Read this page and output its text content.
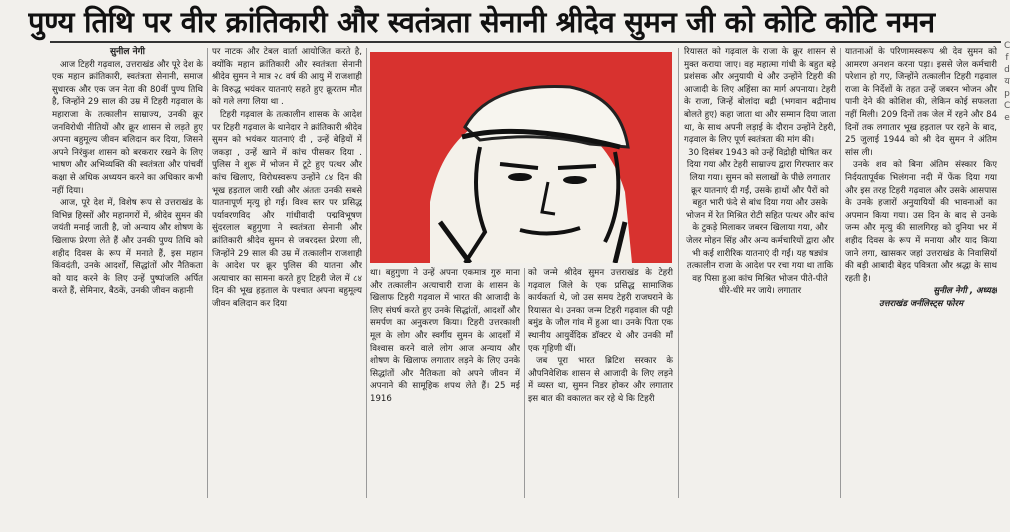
पुण्य तिथि पर वीर क्रांतिकारी और स्वतंत्रता सेनानी श्रीदेव सुमन जी को कोटि कोटि नमन

सुनील नेगी

आज टिहरी गढ़वाल, उत्तराखंड और पूरे देश के एक महान क्रांतिकारी, स्वतंत्रता सेनानी, समाज सुधारक और एक जन नेता की 80वीं पुण्य तिथि है, जिन्होंने 29 साल की उम्र में टिहरी गढ़वाल के महाराजा के तत्कालीन साम्राज्य, उनकी क्रूर जनविरोधी नीतियों और क्रूर शासन से लड़ते हुए अपना बहुमूल्य जीवन बलिदान कर दिया, जिसने अपने निरंकुश शासन को बरकरार रखने के लिए भाषण और अभिव्यक्ति की स्वतंत्रता और पांचवीं कक्षा से अधिक अध्ययन करने का अधिकार कभी नहीं दिया।

आज, पूरे देश में, विशेष रूप से उत्तराखंड के विभिन्न हिस्सों और महानगरों में, श्रीदेव सुमन की जयंती मनाई जाती है, जो अन्याय और शोषण के खिलाफ प्रेरणा लेते हैं और उनकी पुण्य तिथि को शहीद दिवस के रूप में मनाते हैं, इस महान किंवदंती, उनके आदर्शों, सिद्धांतों और नैतिकता को याद करने के लिए उन्हें पुष्पांजलि अर्पित करते हैं, सेमिनार, बैठकें, उनकी जीवन कहानी

पर नाटक और टेबल वार्ता आयोजित करते है, क्योंकि महान क्रांतिकारी और स्वतंत्रता सेनानी श्रीदेव सुमन ने मात्र २८ वर्ष की आयु में राजशाही के विरुद्ध भयंकर यातनाएं सहते हुए क्रूरतम मौत को गले लगा लिया था .

टिहरी गढ़वाल के तत्कालीन शासक के आदेश पर टिहरी गढ़वाल के थानेदार ने क्रांतिकारी श्रीदेव सुमन को भयंकर यातनाएं दी , उन्हें बेड़ियों में जकड़ा , उन्हें खाने में कांच पीसकर दिया . पुलिस ने शुरू में भोजन में टूटे हुए पत्थर और कांच खिलाए, विरोधस्वरूप उन्होंने ८४ दिन की भूख हड़ताल जारी रखी और अंततः उनकी सबसे यातनापूर्ण मृत्यु हो गई। विश्व स्तर पर प्रसिद्ध पर्यावरणविद और गांधीवादी पद्मविभूषण सुंदरलाल बहुगुणा ने स्वतंत्रता सेनानी और क्रांतिकारी श्रीदेव सुमन से जबरदस्त प्रेरणा ली, जिन्होंने 29 साल की उम्र में तत्कालीन राजशाही के आदेश पर क्रूर पुलिस की यातना और अत्याचार का सामना करते हुए टिहरी जेल में ८४ दिन की भूख हड़ताल के पश्चात अपना बहुमूल्य जीवन बलिदान कर दिया

था। बहुगुणा ने उन्हें अपना एकमात्र गुरु माना और तत्कालीन अत्याचारी राजा के शासन के खिलाफ टिहरी गढ़वाल में भारत की आजादी के लिए संघर्ष करते हुए उनके सिद्धांतों, आदर्शों और समर्पण का अनुकरण किया। टिहरी उत्तरकाशी मूल के लोग और स्वर्गीय सुमन के आदर्शों में विश्वास करने वाले लोग आज अन्याय और शोषण के खिलाफ लगातार लड़ने के लिए उनके सिद्धांतों और नैतिकता को अपने जीवन में अपनाने की सामूहिक शपथ लेते हैं। 25 मई 1916

को जन्मे श्रीदेव सुमन उत्तराखंड के टेहरी गढ़वाल जिले के एक प्रसिद्ध सामाजिक कार्यकर्ता थे, जो उस समय टेहरी राजघराने के रियासत थे। उनका जन्म टिहरी गढ़वाल की पट्टी बमुंड के जौल गांव में हुआ था। उनके पिता एक स्थानीय आयुर्वेदिक डॉक्टर थे और उनकी माँ एक गृहिणी थीं।

जब पूरा भारत ब्रिटिश सरकार के औपनिवेशिक शासन से आजादी के लिए लड़ने में व्यस्त था, सुमन निडर होकर और लगातार इस बात की वकालत कर रहे थे कि टिहरी

रियासत को गढ़वाल के राजा के क्रूर शासन से मुक्त कराया जाए। वह महात्मा गांधी के बहुत बड़े प्रशंसक और अनुयायी थे और उन्होंने टिहरी की आजादी के लिए अहिंसा का मार्ग अपनाया। टेहरी के राजा, जिन्हें बोलांदा बद्री (भगवान बद्रीनाथ बोलते हुए) कहा जाता था और सम्मान दिया जाता था, के साथ अपनी लड़ाई के दौरान उन्होंने टेहरी, गढ़वाल के लिए पूर्ण स्वतंत्रता की मांग की।

30 दिसंबर 1943 को उन्हें विद्रोही घोषित कर दिया गया और टेहरी साम्राज्य द्वारा गिरफ्तार कर लिया गया। सुमन को सलाखों के पीछे लगातार क्रूर यातनाएं दी गईं, उसके हाथों और पैरों को बहुत भारी फंदे से बांध दिया गया और उसके भोजन में रेत मिश्रित रोटी सहित पत्थर और कांच के टुकड़े मिलाकर जबरन खिलाया गया, और जेलर मोहन सिंह और अन्य कर्मचारियों द्वारा और भी कई शारीरिक यातनाएं दी गईं। यह षड्यंत्र तत्कालीन राजा के आदेश पर रचा गया था ताकि वह पिसा हुआ कांच मिश्रित भोजन पीते-पीते धीरे-धीरे मर जाये। लगातार

यातनाओं के परिणामस्वरूप श्री देव सुमन को आमरण अनशन करना पड़ा। इससे जेल कर्मचारी परेशान हो गए, जिन्होंने तत्कालीन टिहरी गढ़वाल राजा के निर्देशों के तहत उन्हें जबरन भोजन और पानी देने की कोशिश की, लेकिन कोई सफलता नहीं मिली। 209 दिनों तक जेल में रहने और 84 दिनों तक लगातार भूख हड़ताल पर रहने के बाद, 25 जुलाई 1944 को श्री देव सुमन ने अंतिम सांस ली।

उनके शव को बिना अंतिम संस्कार किए निर्दयतापूर्वक भिलंगना नदी में फेंक दिया गया और इस तरह टिहरी गढ़वाल और उसके आसपास के उनके हजारों अनुयायियों की भावनाओं का अपमान किया गया। उस दिन के बाद से उनके जन्म और मृत्यु की सालगिरह को दुनिया भर में शहीद दिवस के रूप में मनाया और याद किया जाने लगा, खासकर जहां उत्तराखंड के निवासियों की बड़ी आबादी बेहद पवित्रता और श्रद्धा के साथ रहती है।

सुनील नेगी , अध्यक्ष

उत्तराखंड जर्नलिस्ट्स फोरम

C
f
d
य
p
C
e
